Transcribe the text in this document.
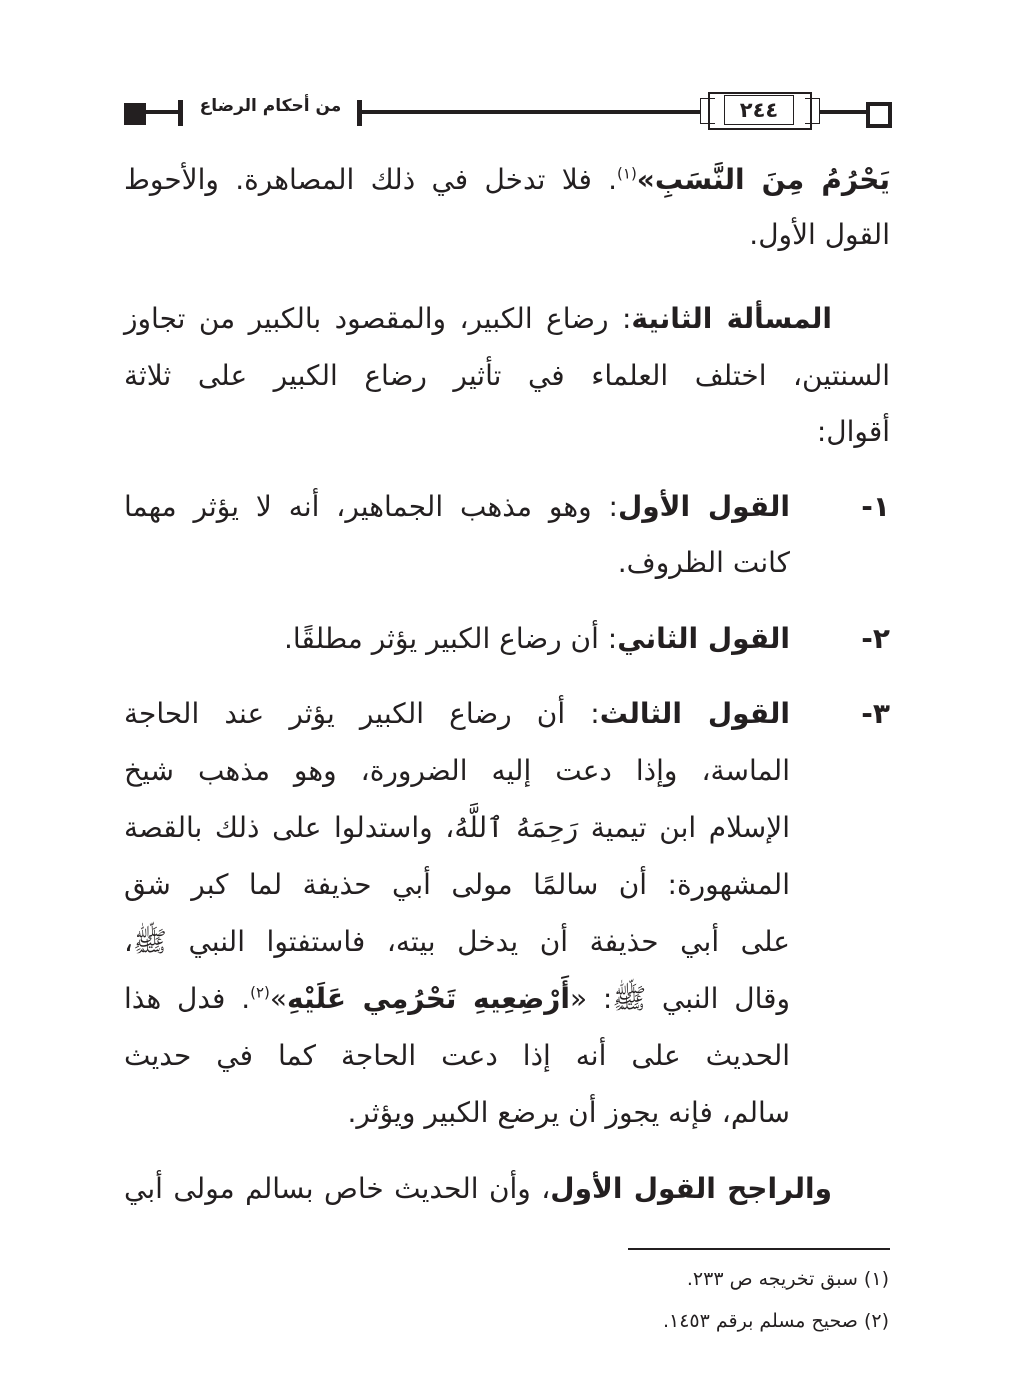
من أحكام الرضاع	٢٤٤
يَحْرُمُ مِنَ النَّسَبِ»$^{(١)}$. فلا تدخل في ذلك المصاهرة. والأحوط
القول الأول.
المسألة الثانية: رضاع الكبير، والمقصود بالكبير من تجاوز
السنتين، اختلف العلماء في تأثير رضاع الكبير على ثلاثة
أقوال:
١-
القول الأول: وهو مذهب الجماهير، أنه لا يؤثر مهما
كانت الظروف.
٢-
القول الثاني: أن رضاع الكبير يؤثر مطلقًا.
٣-
القول الثالث: أن رضاع الكبير يؤثر عند الحاجة
الماسة، وإذا دعت إليه الضرورة، وهو مذهب شيخ
الإسلام ابن تيمية رَحِمَهُ ٱللَّهُ، واستدلوا على ذلك بالقصة
المشهورة: أن سالمًا مولى أبي حذيفة لما كبر شق
على أبي حذيفة أن يدخل بيته، فاستفتوا النبي ﷺ،
وقال النبي ﷺ: «أَرْضِعِيهِ تَحْرُمِي عَلَيْهِ»$^{(٢)}$. فدل هذا
الحديث على أنه إذا دعت الحاجة كما في حديث
سالم، فإنه يجوز أن يرضع الكبير ويؤثر.
والراجح القول الأول، وأن الحديث خاص بسالم مولى أبي
(١) سبق تخريجه ص ٢٣٣.
(٢) صحيح مسلم برقم ١٤٥٣.
